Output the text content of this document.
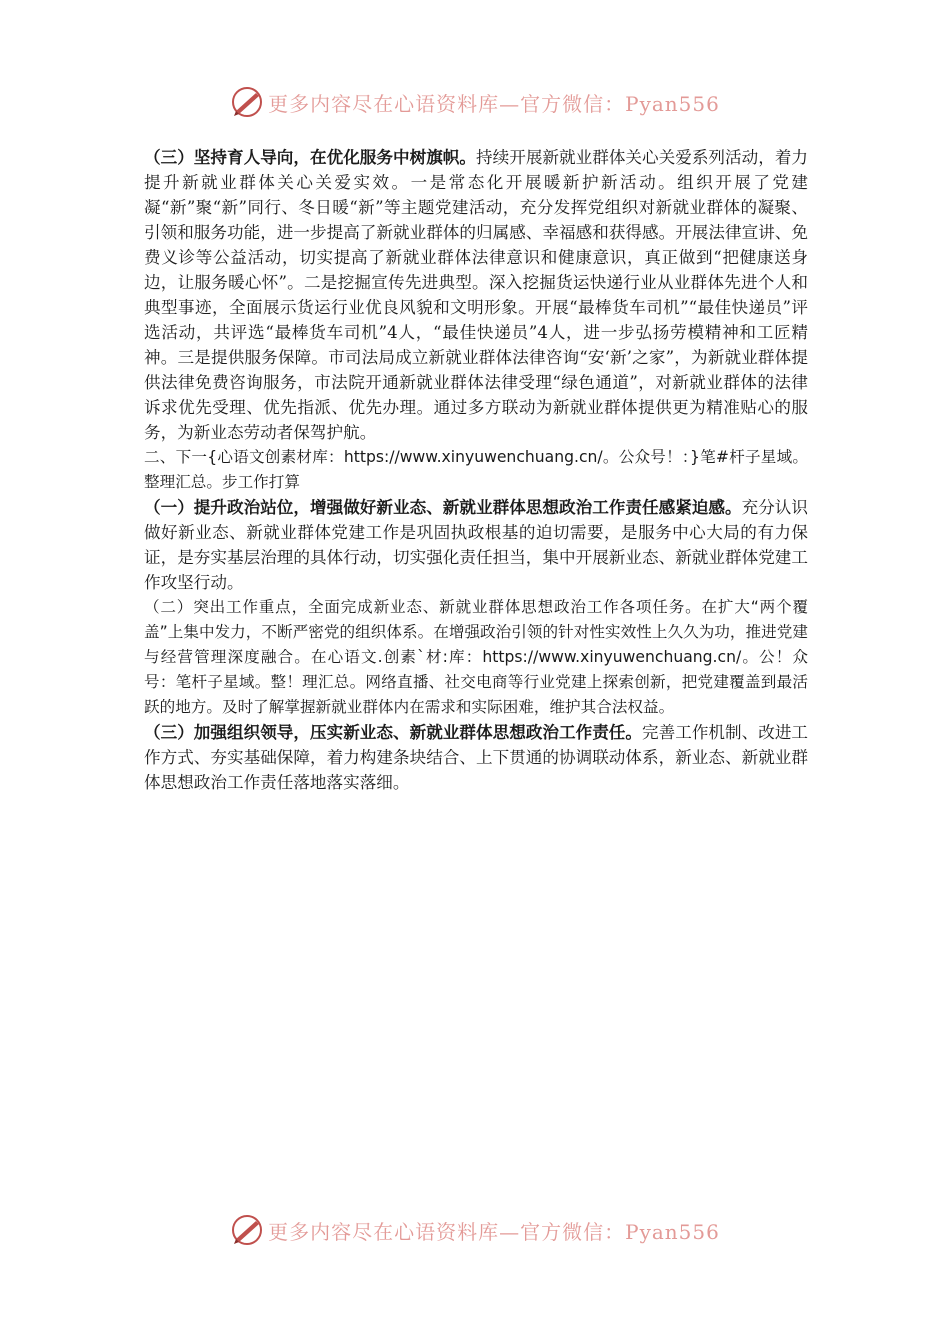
更多内容尽在心语资料库—官方微信：Pyan556

（三）坚持育人导向，在优化服务中树旗帜。持续开展新就业群体关心关爱系列活动，着力提升新就业群体关心关爱实效。一是常态化开展暖新护新活动。组织开展了党建凝“新”聚“新”同行、冬日暖“新”等主题党建活动，充分发挥党组织对新就业群体的凝聚、引领和服务功能，进一步提高了新就业群体的归属感、幸福感和获得感。开展法律宣讲、免费义诊等公益活动，切实提高了新就业群体法律意识和健康意识，真正做到“把健康送身边，让服务暖心怀”。二是挖掘宣传先进典型。深入挖掘货运快递行业从业群体先进个人和典型事迹，全面展示货运行业优良风貌和文明形象。开展“最棒货车司机”“最佳快递员”评选活动，共评选“最棒货车司机”4人，“最佳快递员”4人，进一步弘扬劳模精神和工匠精神。三是提供服务保障。市司法局成立新就业群体法律咨询“安‘新’之家”，为新就业群体提供法律免费咨询服务，市法院开通新就业群体法律受理“绿色通道”，对新就业群体的法律诉求优先受理、优先指派、优先办理。通过多方联动为新就业群体提供更为精准贴心的服务，为新业态劳动者保驾护航。

二、下一{心语文创素材库：https://www.xinyuwenchuang.cn/。公众号！：}笔#杆子星域。整理汇总。步工作打算

（一）提升政治站位，增强做好新业态、新就业群体思想政治工作责任感紧迫感。充分认识做好新业态、新就业群体党建工作是巩固执政根基的迫切需要，是服务中心大局的有力保证，是夯实基层治理的具体行动，切实强化责任担当，集中开展新业态、新就业群体党建工作攻坚行动。

（二）突出工作重点，全面完成新业态、新就业群体思想政治工作各项任务。在扩大“两个覆盖”上集中发力，不断严密党的组织体系。在增强政治引领的针对性实效性上久久为功，推进党建与经营管理深度融合。在心语文.创素`材:库：https://www.xinyuwenchuang.cn/。公！众号：笔杆子星域。整！理汇总。网络直播、社交电商等行业党建上探索创新，把党建覆盖到最活跃的地方。及时了解掌握新就业群体内在需求和实际困难，维护其合法权益。

（三）加强组织领导，压实新业态、新就业群体思想政治工作责任。完善工作机制、改进工作方式、夯实基础保障，着力构建条块结合、上下贯通的协调联动体系，新业态、新就业群体思想政治工作责任落地落实落细。

更多内容尽在心语资料库—官方微信：Pyan556
